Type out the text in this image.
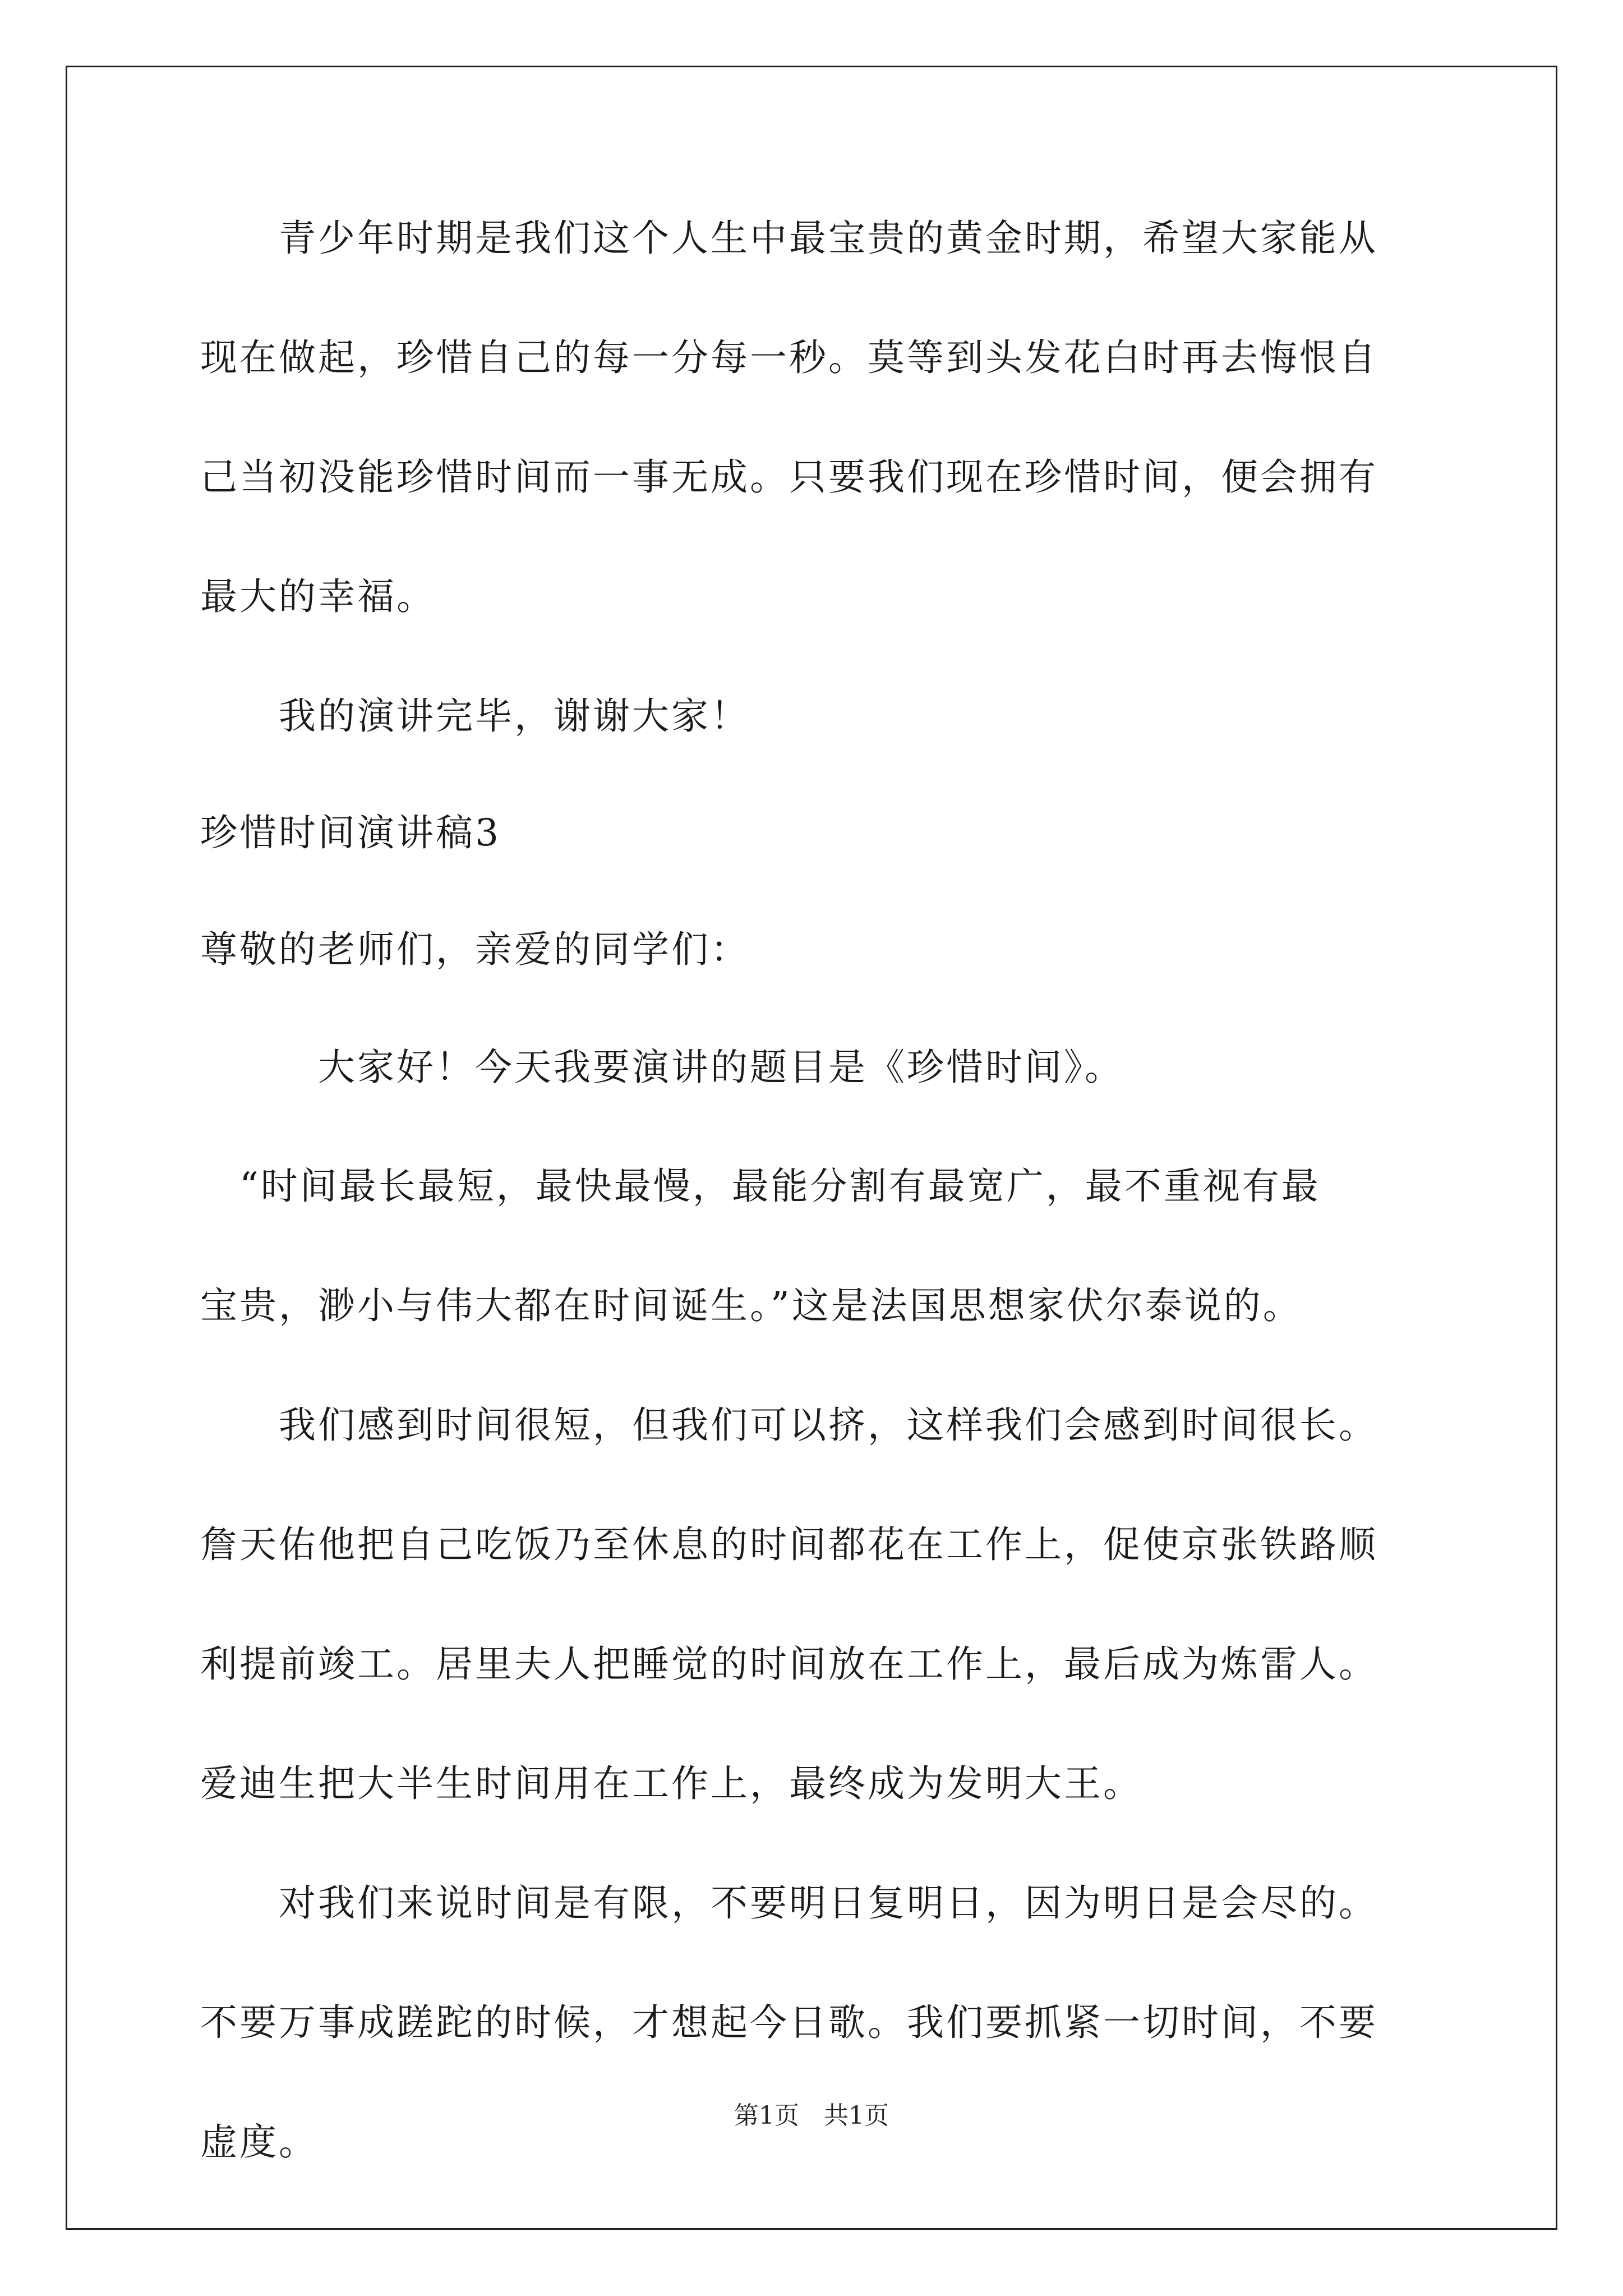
　　青少年时期是我们这个人生中最宝贵的黄金时期，希望大家能从
现在做起，珍惜自己的每一分每一秒。莫等到头发花白时再去悔恨自
己当初没能珍惜时间而一事无成。只要我们现在珍惜时间，便会拥有
最大的幸福。
　　我的演讲完毕，谢谢大家！
珍惜时间演讲稿3
尊敬的老师们，亲爱的同学们：
　　　大家好！今天我要演讲的题目是《珍惜时间》。
　“时间最长最短，最快最慢，最能分割有最宽广，最不重视有最
宝贵，渺小与伟大都在时间诞生。”这是法国思想家伏尔泰说的。
　　我们感到时间很短，但我们可以挤，这样我们会感到时间很长。
詹天佑他把自己吃饭乃至休息的时间都花在工作上，促使京张铁路顺
利提前竣工。居里夫人把睡觉的时间放在工作上，最后成为炼雷人。
爱迪生把大半生时间用在工作上，最终成为发明大王。
　　对我们来说时间是有限，不要明日复明日，因为明日是会尽的。
不要万事成蹉跎的时候，才想起今日歌。我们要抓紧一切时间，不要
虚度。
第1页　共1页
